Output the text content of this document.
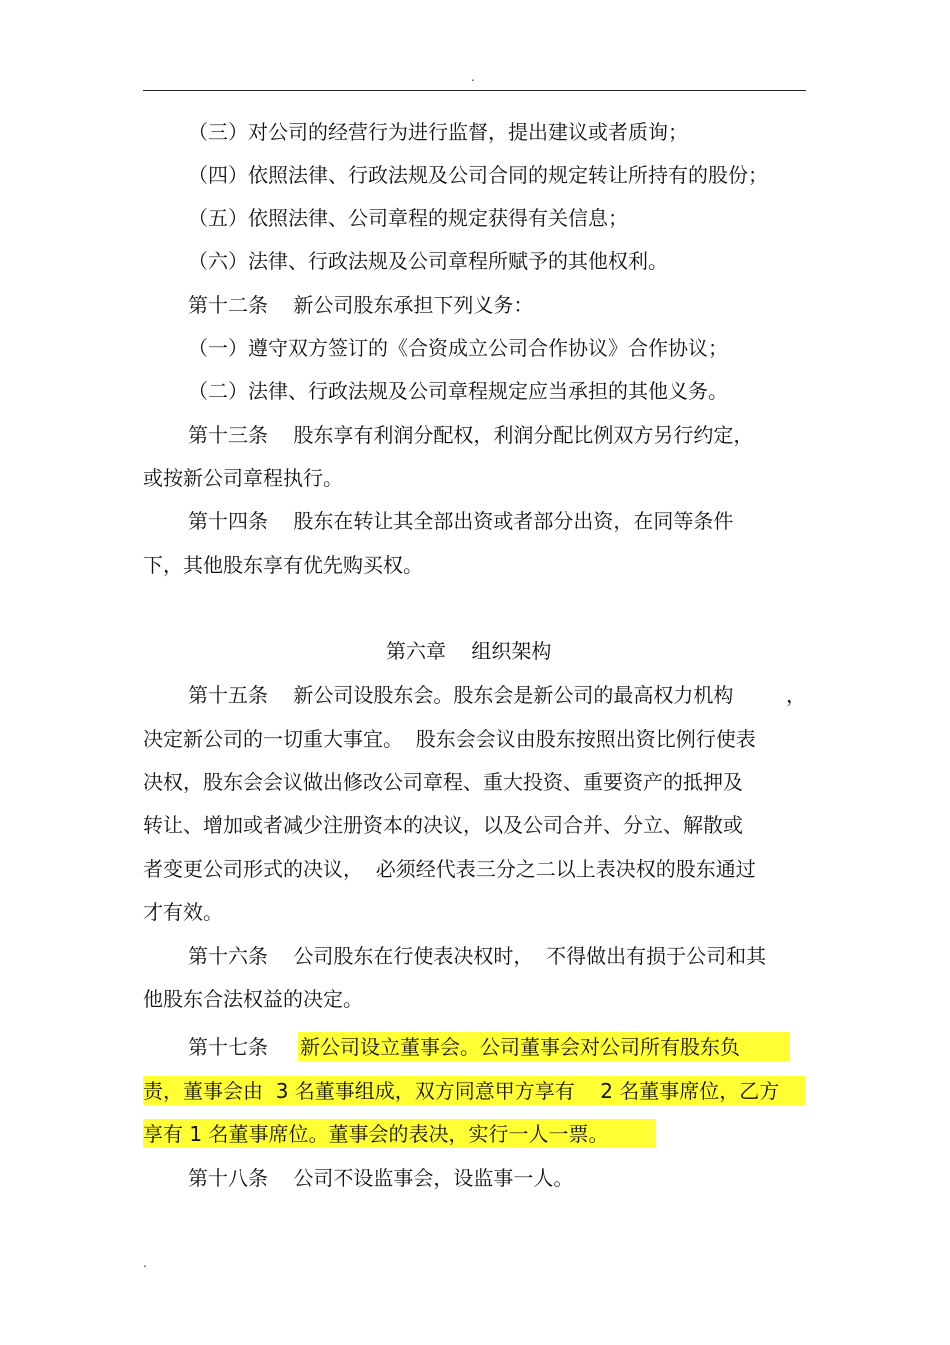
.
（三）对公司的经营行为进行监督，提出建议或者质询；
（四）依照法律、行政法规及公司合同的规定转让所持有的股份；
（五）依照法律、公司章程的规定获得有关信息；
（六）法律、行政法规及公司章程所赋予的其他权利。
第十二条    新公司股东承担下列义务：
（一）遵守双方签订的《合资成立公司合作协议》合作协议；
（二）法律、行政法规及公司章程规定应当承担的其他义务。
第十三条    股东享有利润分配权，利润分配比例双方另行约定，
或按新公司章程执行。
第十四条    股东在转让其全部出资或者部分出资，在同等条件
下，其他股东享有优先购买权。
第六章    组织架构
第十五条    新公司设股东会。股东会是新公司的最高权力机构	，
决定新公司的一切重大事宜。  股东会会议由股东按照出资比例行使表
决权，股东会会议做出修改公司章程、重大投资、重要资产的抵押及
转让、增加或者减少注册资本的决议，以及公司合并、分立、解散或
者变更公司形式的决议，  必须经代表三分之二以上表决权的股东通过
才有效。
第十六条    公司股东在行使表决权时，  不得做出有损于公司和其
他股东合法权益的决定。
第十七条 新公司设立董事会。公司董事会对公司所有股东负
责，董事会由  3 名董事组成，双方同意甲方享有    2 名董事席位，乙方
享有 1 名董事席位。董事会的表决，实行一人一票。
第十八条    公司不设监事会，设监事一人。
.
